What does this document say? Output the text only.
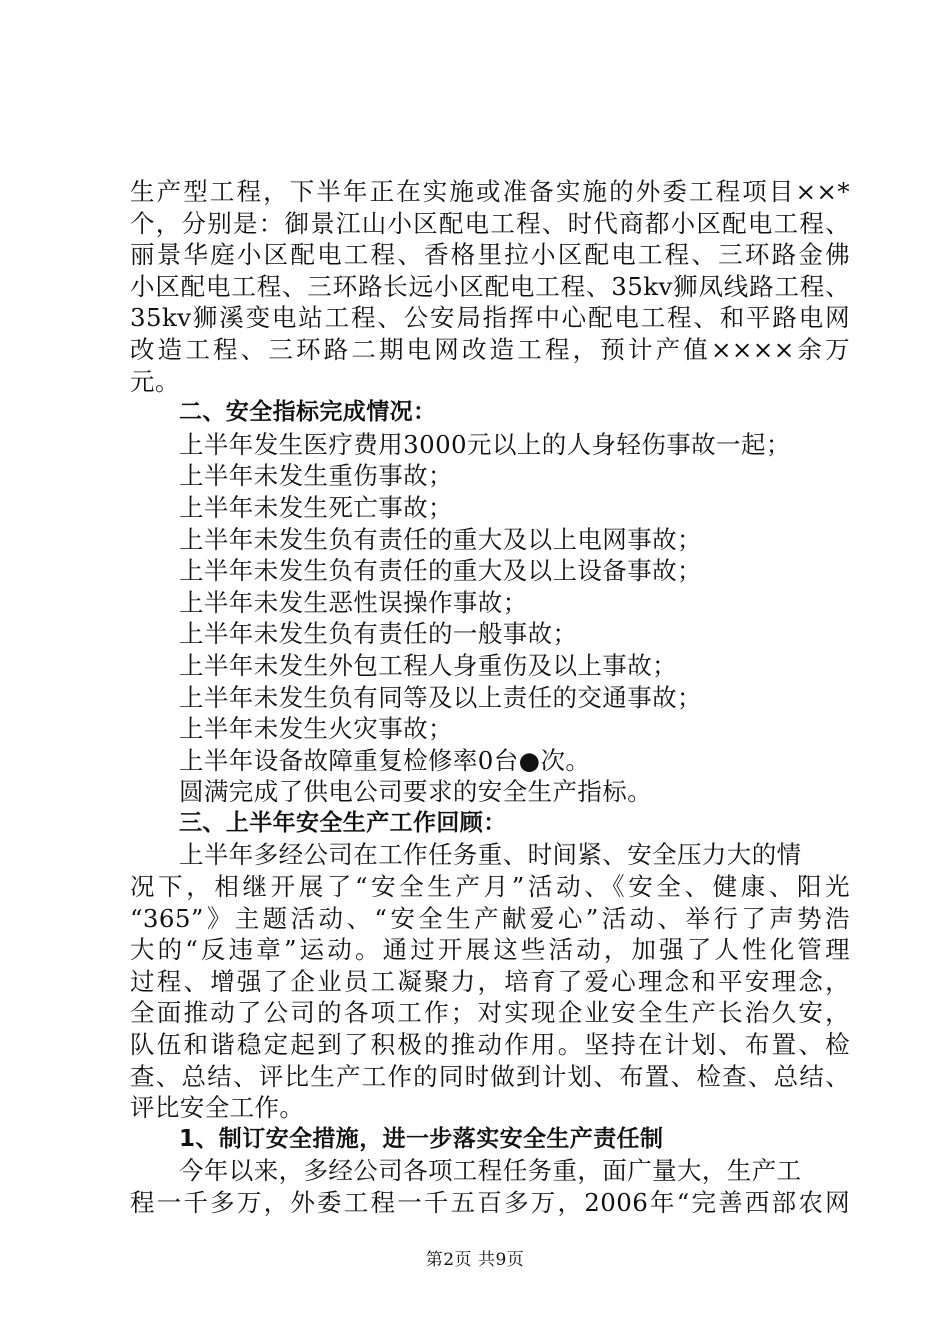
生产型工程，下半年正在实施或准备实施的外委工程项目××*
个，分别是：御景江山小区配电工程、时代商都小区配电工程、
丽景华庭小区配电工程、香格里拉小区配电工程、三环路金佛
小区配电工程、三环路长远小区配电工程、35kv狮凤线路工程、
35kv狮溪变电站工程、公安局指挥中心配电工程、和平路电网
改造工程、三环路二期电网改造工程，预计产值××××余万
元。
二、安全指标完成情况：
上半年发生医疗费用3000元以上的人身轻伤事故一起；
上半年未发生重伤事故；
上半年未发生死亡事故；
上半年未发生负有责任的重大及以上电网事故；
上半年未发生负有责任的重大及以上设备事故；
上半年未发生恶性误操作事故；
上半年未发生负有责任的一般事故；
上半年未发生外包工程人身重伤及以上事故；
上半年未发生负有同等及以上责任的交通事故；
上半年未发生火灾事故；
上半年设备故障重复检修率0台●次。
圆满完成了供电公司要求的安全生产指标。
三、上半年安全生产工作回顾：
上半年多经公司在工作任务重、时间紧、安全压力大的情
况下，相继开展了“安全生产月”活动、《安全、健康、阳光
“365”》主题活动、“安全生产献爱心”活动、举行了声势浩
大的“反违章”运动。通过开展这些活动，加强了人性化管理
过程、增强了企业员工凝聚力，培育了爱心理念和平安理念，
全面推动了公司的各项工作；对实现企业安全生产长治久安，
队伍和谐稳定起到了积极的推动作用。坚持在计划、布置、检
查、总结、评比生产工作的同时做到计划、布置、检查、总结、
评比安全工作。
1、制订安全措施，进一步落实安全生产责任制
今年以来，多经公司各项工程任务重，面广量大，生产工
程一千多万，外委工程一千五百多万，2006年“完善西部农网
第2页 共9页
